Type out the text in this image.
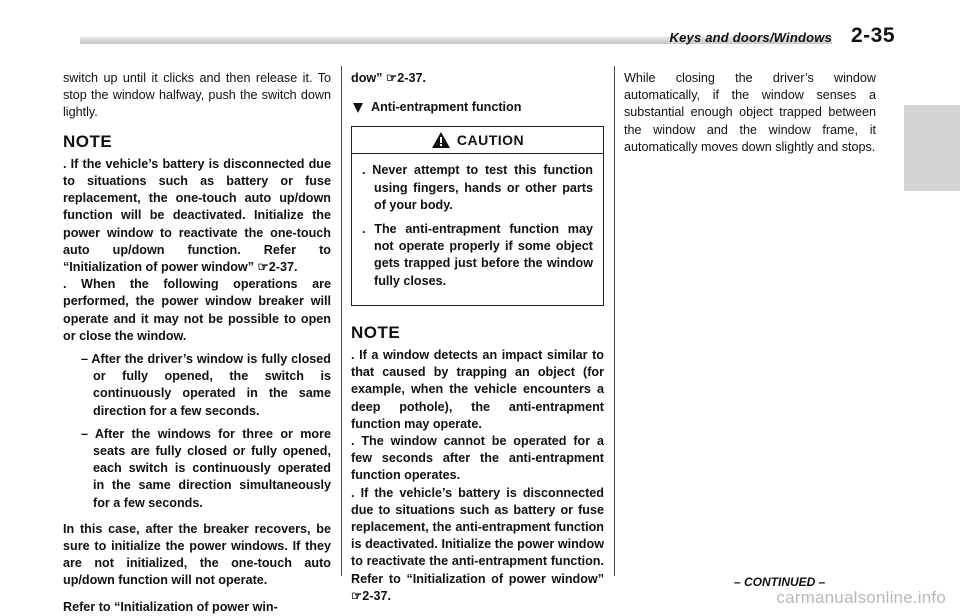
Keys and doors/Windows 2-35

switch up until it clicks and then release it. To stop the window halfway, push the switch down lightly.

NOTE

. If the vehicle’s battery is disconnected due to situations such as battery or fuse replacement, the one-touch auto up/down function will be deactivated. Initialize the power window to reactivate the one-touch auto up/down function. Refer to “Initialization of power window” ☞2-37.

. When the following operations are performed, the power window breaker will operate and it may not be possible to open or close the window.

– After the driver’s window is fully closed or fully opened, the switch is continuously operated in the same direction for a few seconds.

– After the windows for three or more seats are fully closed or fully opened, each switch is continuously operated in the same direction simultaneously for a few seconds.

In this case, after the breaker recovers, be sure to initialize the power windows. If they are not initialized, the one-touch auto up/down function will not operate.

Refer to “Initialization of power win-

dow” ☞2-37.

Anti-entrapment function
CAUTION

. Never attempt to test this function using fingers, hands or other parts of your body.

. The anti-entrapment function may not operate properly if some object gets trapped just before the window fully closes.

NOTE

. If a window detects an impact similar to that caused by trapping an object (for example, when the vehicle encounters a deep pothole), the anti-entrapment function may operate.

. The window cannot be operated for a few seconds after the anti-entrapment function operates.

. If the vehicle’s battery is disconnected due to situations such as battery or fuse replacement, the anti-entrapment function is deactivated. Initialize the power window to reactivate the anti-entrapment function. Refer to “Initialization of power window” ☞2-37.

While closing the driver’s window automatically, if the window senses a substantial enough object trapped between the window and the window frame, it automatically moves down slightly and stops.

– CONTINUED –
carmanualsonline.info
